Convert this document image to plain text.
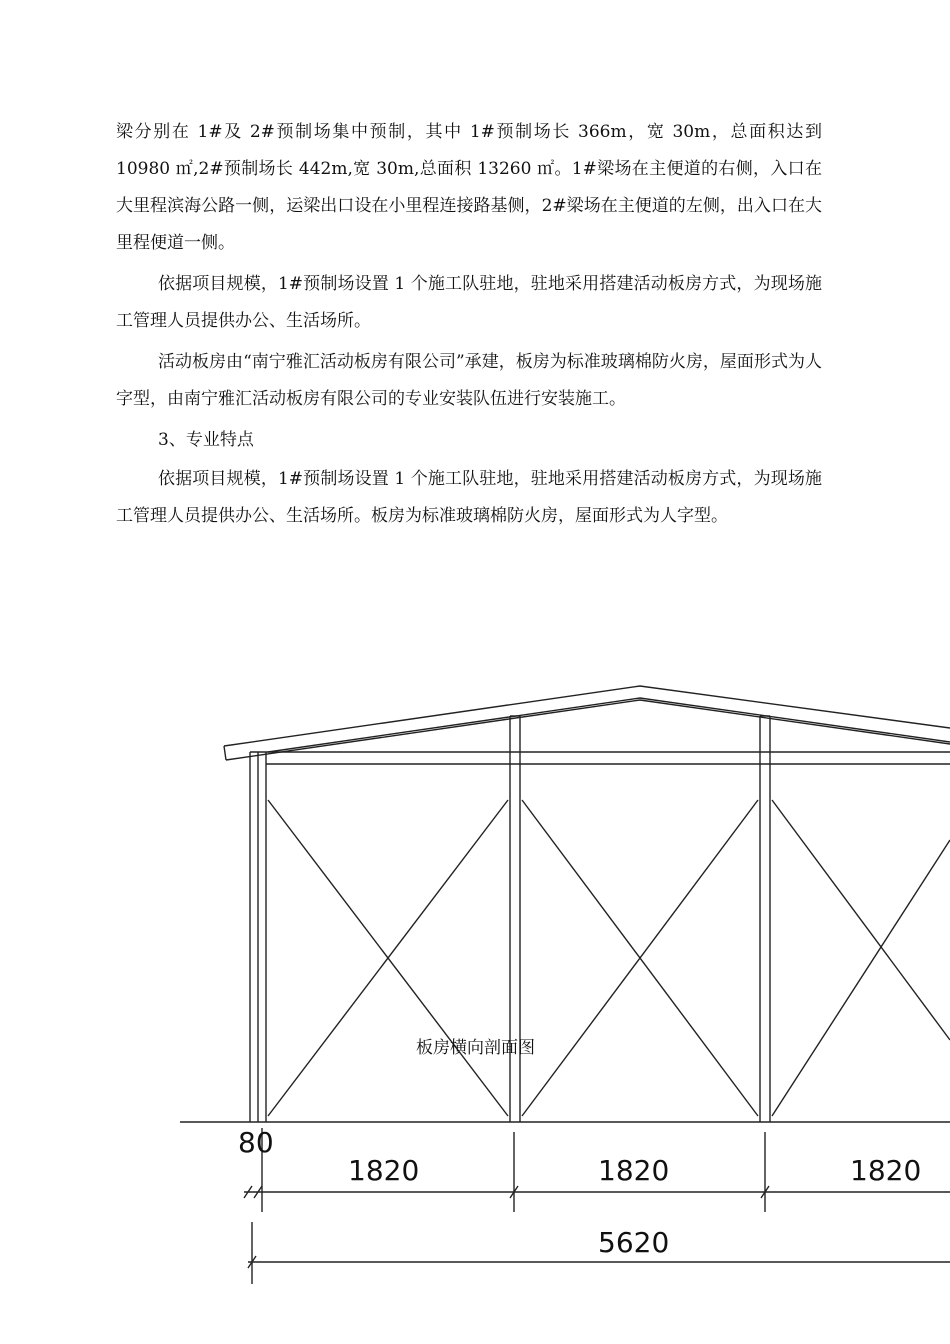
梁分别在 1#及 2#预制场集中预制，其中 1#预制场长 366m，宽 30m，总面积达到 10980 ㎡,2#预制场长 442m,宽 30m,总面积 13260 ㎡。1#梁场在主便道的右侧，入口在大里程滨海公路一侧，运梁出口设在小里程连接路基侧，2#梁场在主便道的左侧，出入口在大里程便道一侧。

依据项目规模，1#预制场设置 1 个施工队驻地，驻地采用搭建活动板房方式，为现场施工管理人员提供办公、生活场所。

活动板房由“南宁雅汇活动板房有限公司”承建，板房为标准玻璃棉防火房，屋面形式为人字型，由南宁雅汇活动板房有限公司的专业安装队伍进行安装施工。

3、专业特点

依据项目规模，1#预制场设置 1 个施工队驻地，驻地采用搭建活动板房方式，为现场施工管理人员提供办公、生活场所。板房为标准玻璃棉防火房，屋面形式为人字型。

板房横向剖面图
80
1820	1820	1820
5620
